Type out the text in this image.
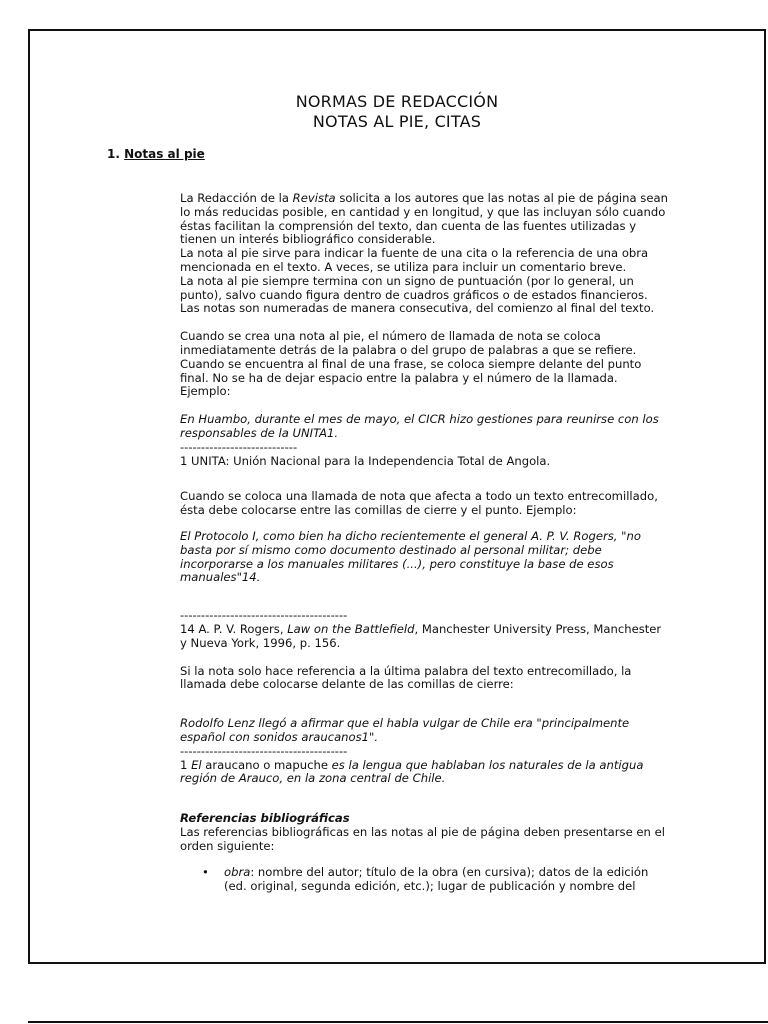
NORMAS DE REDACCIÓN
NOTAS AL PIE, CITAS
1. Notas al pie

La Redacción de la Revista solicita a los autores que las notas al pie de página sean lo más reducidas posible, en cantidad y en longitud, y que las incluyan sólo cuando éstas facilitan la comprensión del texto, dan cuenta de las fuentes utilizadas y tienen un interés bibliográfico considerable.

La nota al pie sirve para indicar la fuente de una cita o la referencia de una obra mencionada en el texto. A veces, se utiliza para incluir un comentario breve.

La nota al pie siempre termina con un signo de puntuación (por lo general, un punto), salvo cuando figura dentro de cuadros gráficos o de estados financieros.

Las notas son numeradas de manera consecutiva, del comienzo al final del texto.

Cuando se crea una nota al pie, el número de llamada de nota se coloca inmediatamente detrás de la palabra o del grupo de palabras a que se refiere. Cuando se encuentra al final de una frase, se coloca siempre delante del punto final. No se ha de dejar espacio entre la palabra y el número de la llamada. Ejemplo:

En Huambo, durante el mes de mayo, el CICR hizo gestiones para reunirse con los responsables de la UNITA1.

----------------------------

1 UNITA: Unión Nacional para la Independencia Total de Angola.

Cuando se coloca una llamada de nota que afecta a todo un texto entrecomillado, ésta debe colocarse entre las comillas de cierre y el punto. Ejemplo:

El Protocolo I, como bien ha dicho recientemente el general A. P. V. Rogers, "no basta por sí mismo como documento destinado al personal militar; debe incorporarse a los manuales militares (...), pero constituye la base de esos manuales"14.

----------------------------------------

14 A. P. V. Rogers, Law on the Battlefield, Manchester University Press, Manchester y Nueva York, 1996, p. 156.

Si la nota solo hace referencia a la última palabra del texto entrecomillado, la llamada debe colocarse delante de las comillas de cierre:

Rodolfo Lenz llegó a afirmar que el habla vulgar de Chile era "principalmente español con sonidos araucanos1".

----------------------------------------

1 El araucano o mapuche es la lengua que hablaban los naturales de la antigua región de Arauco, en la zona central de Chile.

Referencias bibliográficas

Las referencias bibliográficas en las notas al pie de página deben presentarse en el orden siguiente:

• obra: nombre del autor; título de la obra (en cursiva); datos de la edición (ed. original, segunda edición, etc.); lugar de publicación y nombre del
